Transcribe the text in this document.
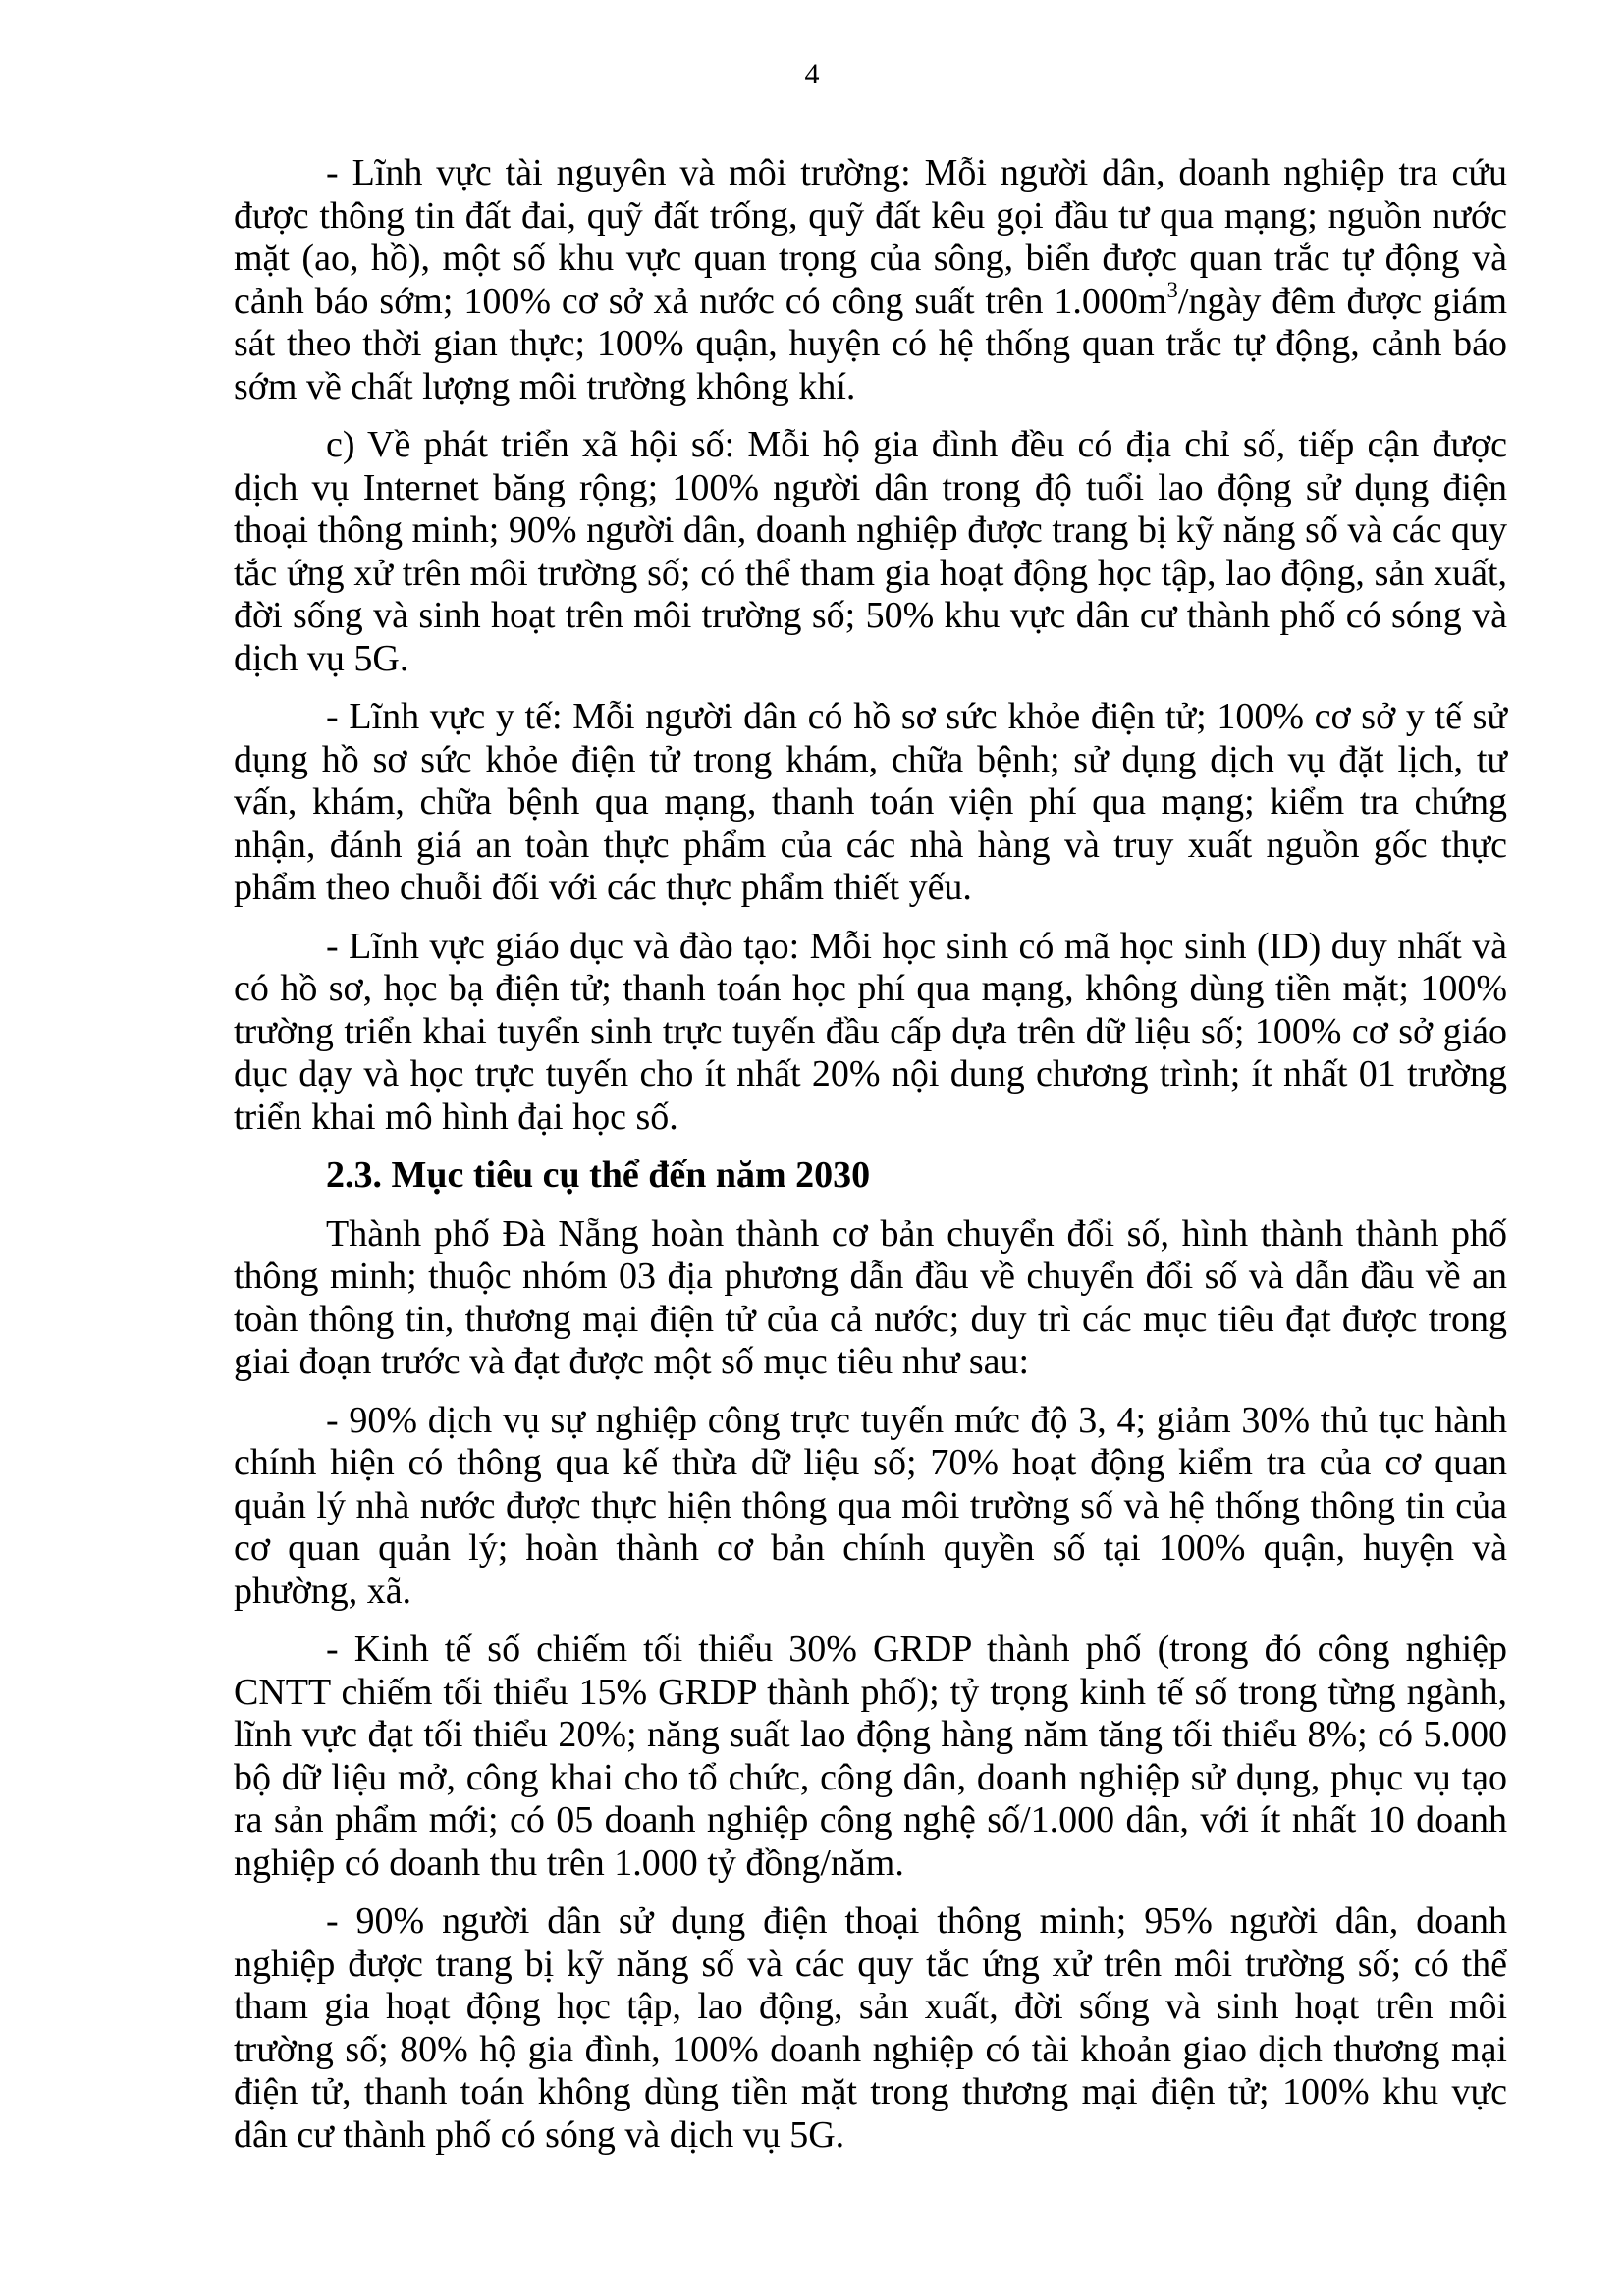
4

- Lĩnh vực tài nguyên và môi trường: Mỗi người dân, doanh nghiệp tra cứu được thông tin đất đai, quỹ đất trống, quỹ đất kêu gọi đầu tư qua mạng; nguồn nước mặt (ao, hồ), một số khu vực quan trọng của sông, biển được quan trắc tự động và cảnh báo sớm; 100% cơ sở xả nước có công suất trên $1.000m^3$/ngày đêm được giám sát theo thời gian thực; 100% quận, huyện có hệ thống quan trắc tự động, cảnh báo sớm về chất lượng môi trường không khí.

c) Về phát triển xã hội số: Mỗi hộ gia đình đều có địa chỉ số, tiếp cận được dịch vụ Internet băng rộng; 100% người dân trong độ tuổi lao động sử dụng điện thoại thông minh; 90% người dân, doanh nghiệp được trang bị kỹ năng số và các quy tắc ứng xử trên môi trường số; có thể tham gia hoạt động học tập, lao động, sản xuất, đời sống và sinh hoạt trên môi trường số; 50% khu vực dân cư thành phố có sóng và dịch vụ 5G.

- Lĩnh vực y tế: Mỗi người dân có hồ sơ sức khỏe điện tử; 100% cơ sở y tế sử dụng hồ sơ sức khỏe điện tử trong khám, chữa bệnh; sử dụng dịch vụ đặt lịch, tư vấn, khám, chữa bệnh qua mạng, thanh toán viện phí qua mạng; kiểm tra chứng nhận, đánh giá an toàn thực phẩm của các nhà hàng và truy xuất nguồn gốc thực phẩm theo chuỗi đối với các thực phẩm thiết yếu.

- Lĩnh vực giáo dục và đào tạo: Mỗi học sinh có mã học sinh (ID) duy nhất và có hồ sơ, học bạ điện tử; thanh toán học phí qua mạng, không dùng tiền mặt; 100% trường triển khai tuyển sinh trực tuyến đầu cấp dựa trên dữ liệu số; 100% cơ sở giáo dục dạy và học trực tuyến cho ít nhất 20% nội dung chương trình; ít nhất 01 trường triển khai mô hình đại học số.

2.3. Mục tiêu cụ thể đến năm 2030

Thành phố Đà Nẵng hoàn thành cơ bản chuyển đổi số, hình thành thành phố thông minh; thuộc nhóm 03 địa phương dẫn đầu về chuyển đổi số và dẫn đầu về an toàn thông tin, thương mại điện tử của cả nước; duy trì các mục tiêu đạt được trong giai đoạn trước và đạt được một số mục tiêu như sau:

- 90% dịch vụ sự nghiệp công trực tuyến mức độ 3, 4; giảm 30% thủ tục hành chính hiện có thông qua kế thừa dữ liệu số; 70% hoạt động kiểm tra của cơ quan quản lý nhà nước được thực hiện thông qua môi trường số và hệ thống thông tin của cơ quan quản lý; hoàn thành cơ bản chính quyền số tại 100% quận, huyện và phường, xã.

- Kinh tế số chiếm tối thiểu 30% GRDP thành phố (trong đó công nghiệp CNTT chiếm tối thiểu 15% GRDP thành phố); tỷ trọng kinh tế số trong từng ngành, lĩnh vực đạt tối thiểu 20%; năng suất lao động hàng năm tăng tối thiểu 8%; có 5.000 bộ dữ liệu mở, công khai cho tổ chức, công dân, doanh nghiệp sử dụng, phục vụ tạo ra sản phẩm mới; có 05 doanh nghiệp công nghệ số/1.000 dân, với ít nhất 10 doanh nghiệp có doanh thu trên 1.000 tỷ đồng/năm.

- 90% người dân sử dụng điện thoại thông minh; 95% người dân, doanh nghiệp được trang bị kỹ năng số và các quy tắc ứng xử trên môi trường số; có thể tham gia hoạt động học tập, lao động, sản xuất, đời sống và sinh hoạt trên môi trường số; 80% hộ gia đình, 100% doanh nghiệp có tài khoản giao dịch thương mại điện tử, thanh toán không dùng tiền mặt trong thương mại điện tử; 100% khu vực dân cư thành phố có sóng và dịch vụ 5G.
